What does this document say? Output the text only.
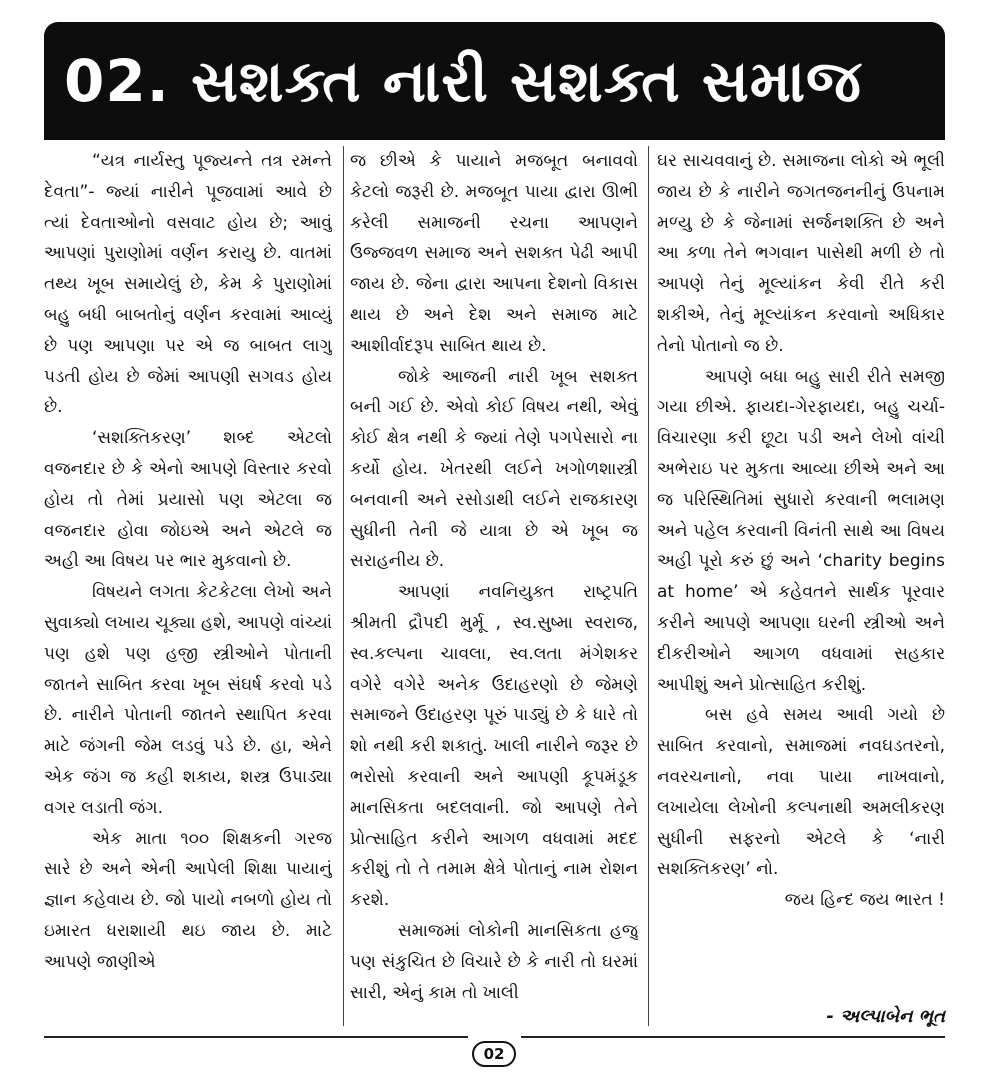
02. સશક્ત નારી સશક્ત સમાજ

“યત્ર નાર્યસ્તુ પૂજ્યન્તે તત્ર રમન્તે દેવતા”- જ્યાં નારીને પૂજવામાં આવે છે ત્યાં દેવતાઓનો વસવાટ હોય છે; આવું આપણાં પુરાણોમાં વર્ણન કરાયુ છે. વાતમાં તથ્ય ખૂબ સમાયેલું છે, કેમ કે પુરાણોમાં બહુ બધી બાબતોનું વર્ણન કરવામાં આવ્યું છે પણ આપણા પર એ જ બાબત લાગુ પડતી હોય છે જેમાં આપણી સગવડ હોય છે.

‘સશક્તિકરણ’ શબ્દ એટલો વજનદાર છે કે એનો આપણે વિસ્તાર કરવો હોય તો તેમાં પ્રયાસો પણ એટલા જ વજનદાર હોવા જોઇએ અને એટલે જ અહી આ વિષય પર ભાર મુકવાનો છે.

વિષયને લગતા કેટકેટલા લેખો અને સુવાક્યો લખાય ચૂક્યા હશે, આપણે વાંચ્યાં પણ હશે પણ હજી સ્ત્રીઓને પોતાની જાતને સાબિત કરવા ખૂબ સંઘર્ષ કરવો પડે છે. નારીને પોતાની જાતને સ્થાપિત કરવા માટે જંગની જેમ લડવું પડે છે. હા, એને એક જંગ જ કહી શકાય, શસ્ત્ર ઉપાડ્યા વગર લડાતી જંગ.

એક માતા ૧૦૦ શિક્ષકની ગરજ સારે છે અને એની આપેલી શિક્ષા પાયાનું જ્ઞાન કહેવાય છે. જો પાયો નબળો હોય તો ઇમારત ધરાશાયી થઇ જાય છે. માટે આપણે જાણીએ

જ છીએ કે પાયાને મજબૂત બનાવવો કેટલો જરૂરી છે. મજબૂત પાયા દ્વારા ઊભી કરેલી સમાજની રચના આપણને ઉજ્જવળ સમાજ અને સશક્ત પેઢી આપી જાય છે. જેના દ્વારા આપના દેશનો વિકાસ થાય છે અને દેશ અને સમાજ માટે આશીર્વાદરૂપ સાબિત થાય છે.

જોકે આજની નારી ખૂબ સશક્ત બની ગઈ છે. એવો કોઈ વિષય નથી, એવું કોઈ ક્ષેત્ર નથી કે જ્યાં તેણે પગપેસારો ના કર્યો હોય. ખેતરથી લઈને ખગોળશાસ્ત્રી બનવાની અને રસોડાથી લઈને રાજકારણ સુધીની તેની જે યાત્રા છે એ ખૂબ જ સરાહનીય છે.

આપણાં નવનિયુક્ત રાષ્ટ્રપતિ શ્રીમતી દ્રૌપદી મુર્મૂ , સ્વ.સુષ્મા સ્વરાજ, સ્વ.કલ્પના ચાવલા, સ્વ.લતા મંગેશકર વગેરે વગેરે અનેક ઉદાહરણો છે જેમણે સમાજને ઉદાહરણ પૂરું પાડ્યું છે કે ધારે તો શો નથી કરી શકાતું. ખાલી નારીને જરૂર છે ભરોસો કરવાની અને આપણી કૂપમંડૂક માનસિકતા બદલવાની. જો આપણે તેને પ્રોત્સાહિત કરીને આગળ વધવામાં મદદ કરીશું તો તે તમામ ક્ષેત્રે પોતાનું નામ રોશન કરશે.

સમાજમાં લોકોની માનસિકતા હજુ પણ સંકુચિત છે વિચારે છે કે નારી તો ઘરમાં સારી, એનું કામ તો ખાલી

ઘર સાચવવાનું છે. સમાજના લોકો એ ભૂલી જાય છે કે નારીને જગતજનનીનું ઉપનામ મળ્યુ છે કે જેનામાં સર્જનશક્તિ છે અને આ કળા તેને ભગવાન પાસેથી મળી છે તો આપણે તેનું મૂલ્યાંકન કેવી રીતે કરી શકીએ, તેનું મૂલ્યાંકન કરવાનો અધિકાર તેનો પોતાનો જ છે.

આપણે બધા બહુ સારી રીતે સમજી ગયા છીએ. ફાયદા-ગેરફાયદા, બહુ ચર્ચા-વિચારણા કરી છૂટા પડી અને લેખો વાંચી અભેરાઇ પર મુકતા આવ્યા છીએ અને આ જ પરિસ્થિતિમાં સુધારો કરવાની ભલામણ અને પહેલ કરવાની વિનંતી સાથે આ વિષય અહી પૂરો કરું છું અને ‘charity begins at home’ એ કહેવતને સાર્થક પૂરવાર કરીને આપણે આપણા ઘરની સ્ત્રીઓ અને દીકરીઓને આગળ વધવામાં સહકાર આપીશું અને પ્રોત્સાહિત કરીશું.

બસ હવે સમય આવી ગયો છે સાબિત કરવાનો, સમાજમાં નવઘડતરનો, નવરચનાનો, નવા પાયા નાખવાનો, લખાયેલા લેખોની કલ્પનાથી અમલીકરણ સુધીની સફરનો એટલે કે ‘નારી સશક્તિકરણ’ નો.

જય હિન્દ જય ભારત !

- અલ્પાબેન ભૂત
02
